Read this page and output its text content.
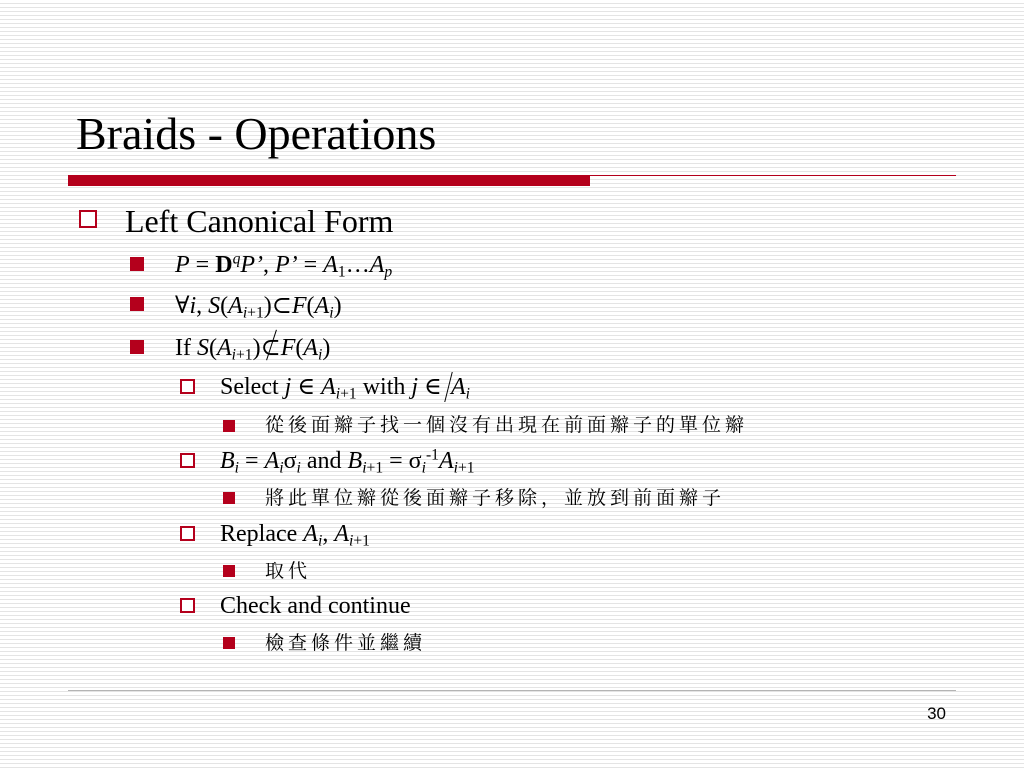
Braids - Operations
Left Canonical Form
$P = D^qP$’, P’ = $A_1\dots A_p$
∀i, $S(A_{i+1})\subset F(A_i)$
If $S(A_{i+1})\subset F(A_i)$
Select j ∈ $A_{i+1}$ with j ∈ $A_i$
從後面辮子找一個沒有出現在前面辮子的單位辮
$B_i = A_i\sigma_i$ and $B_{i+1} = \sigma_i^{-1}A_{i+1}$
將此單位辮從後面辮子移除，並放到前面辮子
Replace $A_i$, $A_{i+1}$
取代
Check and continue
檢查條件並繼續
30
